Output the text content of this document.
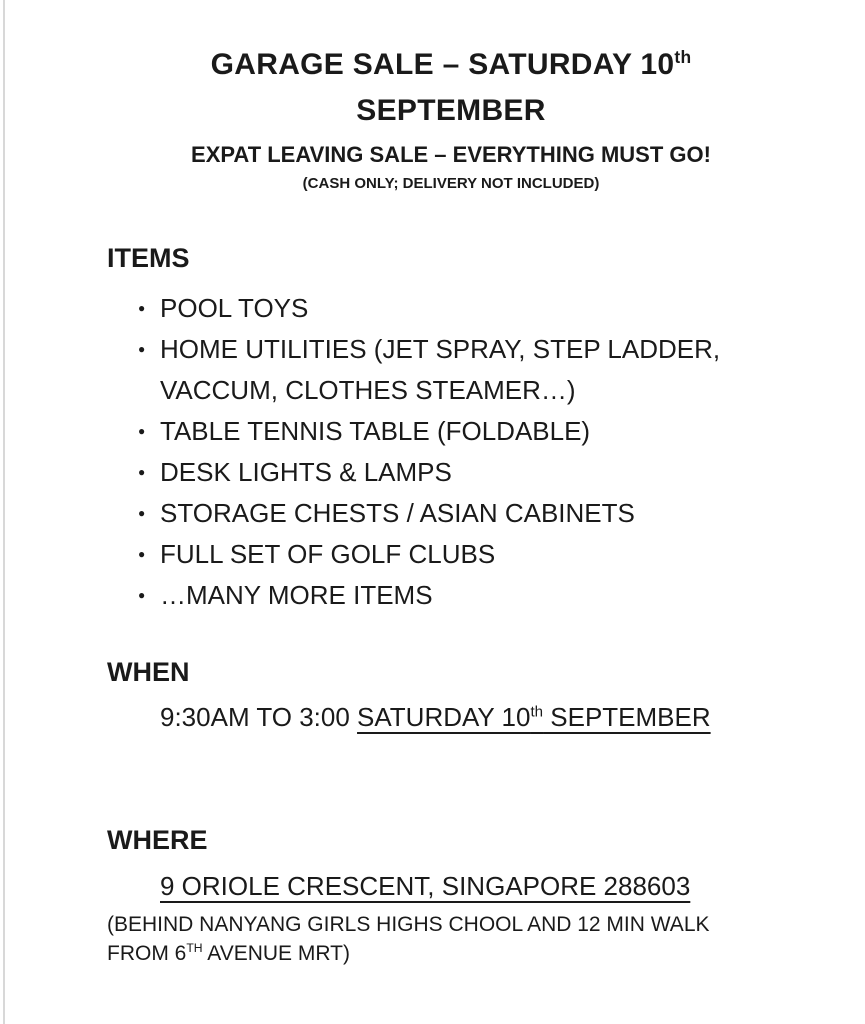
GARAGE SALE – SATURDAY 10th
SEPTEMBER

EXPAT LEAVING SALE – EVERYTHING MUST GO!

(CASH ONLY; DELIVERY NOT INCLUDED)

ITEMS
● POOL TOYS
● HOME UTILITIES (JET SPRAY, STEP LADDER, VACCUM, CLOTHES STEAMER…)
● TABLE TENNIS TABLE (FOLDABLE)
● DESK LIGHTS & LAMPS
● STORAGE CHESTS / ASIAN CABINETS
● FULL SET OF GOLF CLUBS
● …MANY MORE ITEMS
WHEN

9:30AM TO 3:00 SATURDAY 10th SEPTEMBER

WHERE

9 ORIOLE CRESCENT, SINGAPORE 288603

(BEHIND NANYANG GIRLS HIGHS CHOOL AND 12 MIN WALK FROM 6TH AVENUE MRT)
